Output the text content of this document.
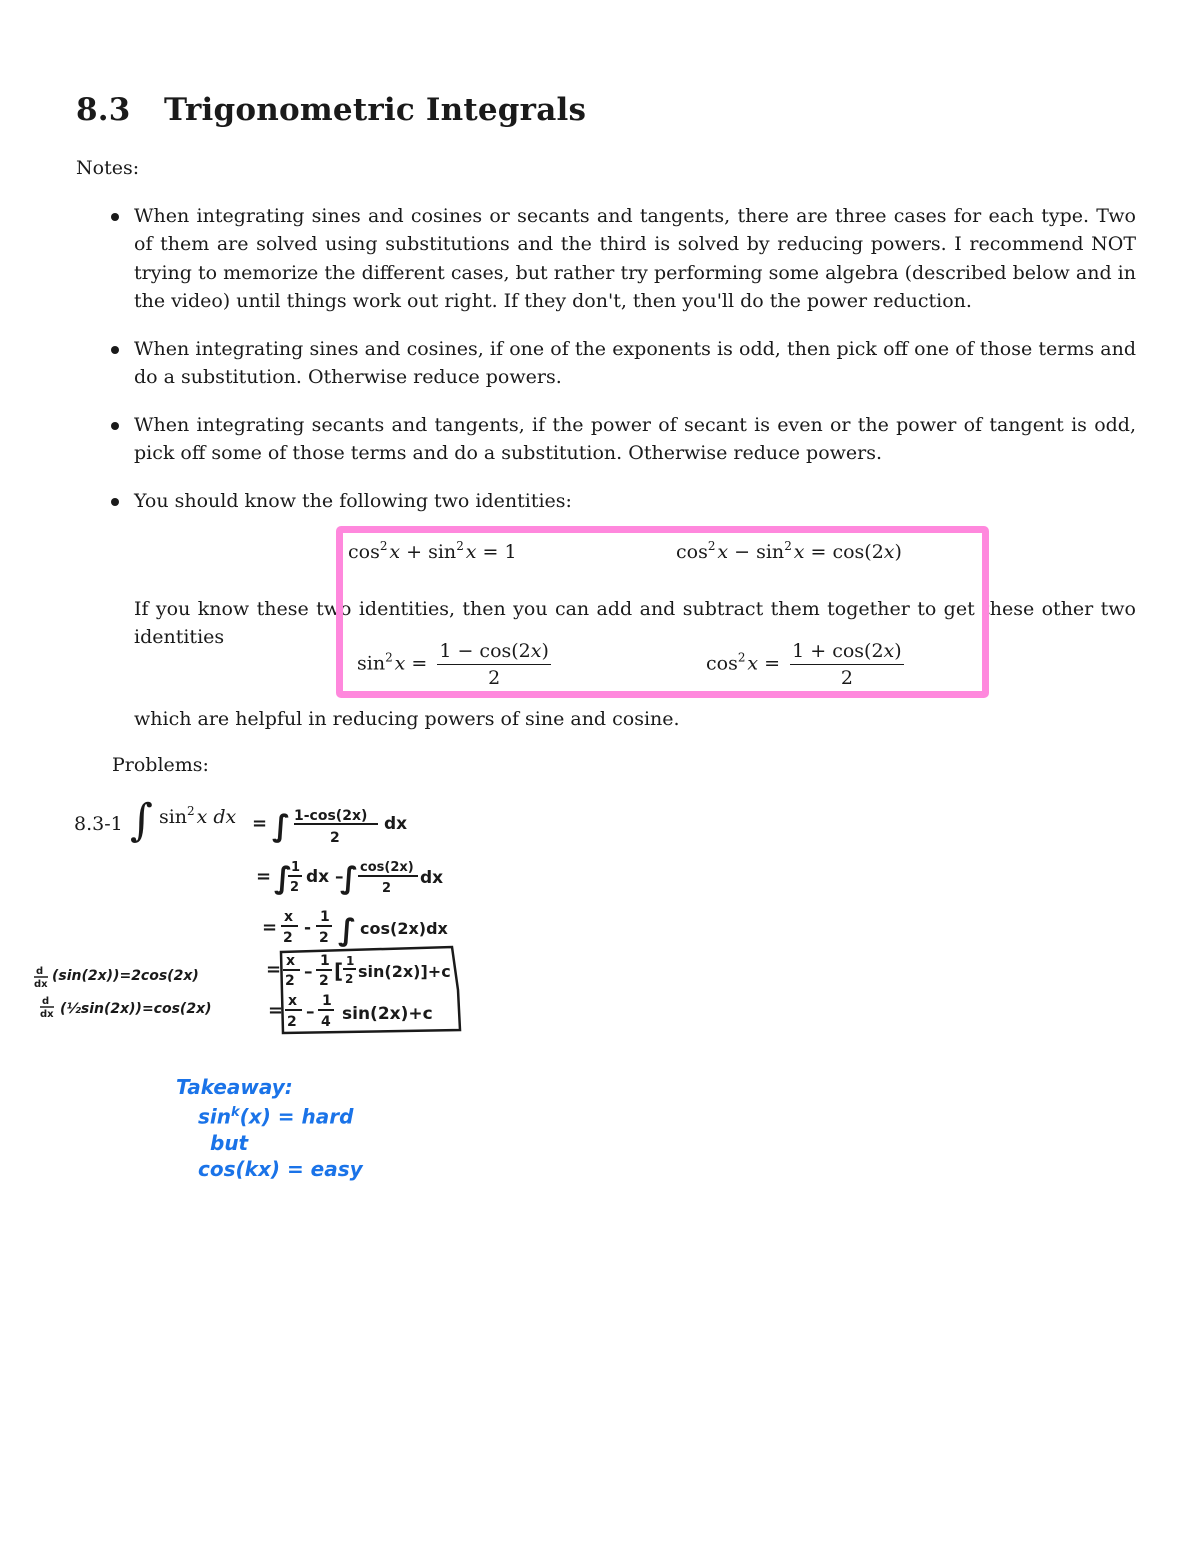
8.3 Trigonometric Integrals
Notes:
When integrating sines and cosines or secants and tangents, there are three cases for each type. Two of them are solved using substitutions and the third is solved by reducing powers. I recommend NOT trying to memorize the different cases, but rather try performing some algebra (described below and in the video) until things work out right. If they don't, then you'll do the power reduction.
When integrating sines and cosines, if one of the exponents is odd, then pick off one of those terms and do a substitution. Otherwise reduce powers.
When integrating secants and tangents, if the power of secant is even or the power of tangent is odd, pick off some of those terms and do a substitution. Otherwise reduce powers.
You should know the following two identities:
$\cos^2$  $x + \sin^2$  x = 1	$\cos^2$  $x - \sin^2$  x = cos(2x)
If you know these two identities, then you can add and subtract them together to get these other two identities
$\sin^2$  $x = \frac{1 - \cos(2x)}{2}$	$\cos^2$  $x = \frac{1 + \cos(2x)}{2}$
which are helpful in reducing powers of sine and cosine.
Problems:
8.3-1 ∫ $\sin^2$  x dx = ∫ 1-cos(2x)
2
dx
= ∫
1
2
dx –
∫ cos(2x)
2
dx
= x
2 -
1
2 ∫ cos(2x)dx
= x
2 –
1
2 [ 1
2 sin(2x)]+c
= x
2 –
1
4 sin(2x)+c
d
dx
(sin(2x))=2cos(2x)
d
dx (½sin(2x))=cos(2x)
Takeaway:
$\sin^k(x)$ = hard
but
cos(kx) = easy
